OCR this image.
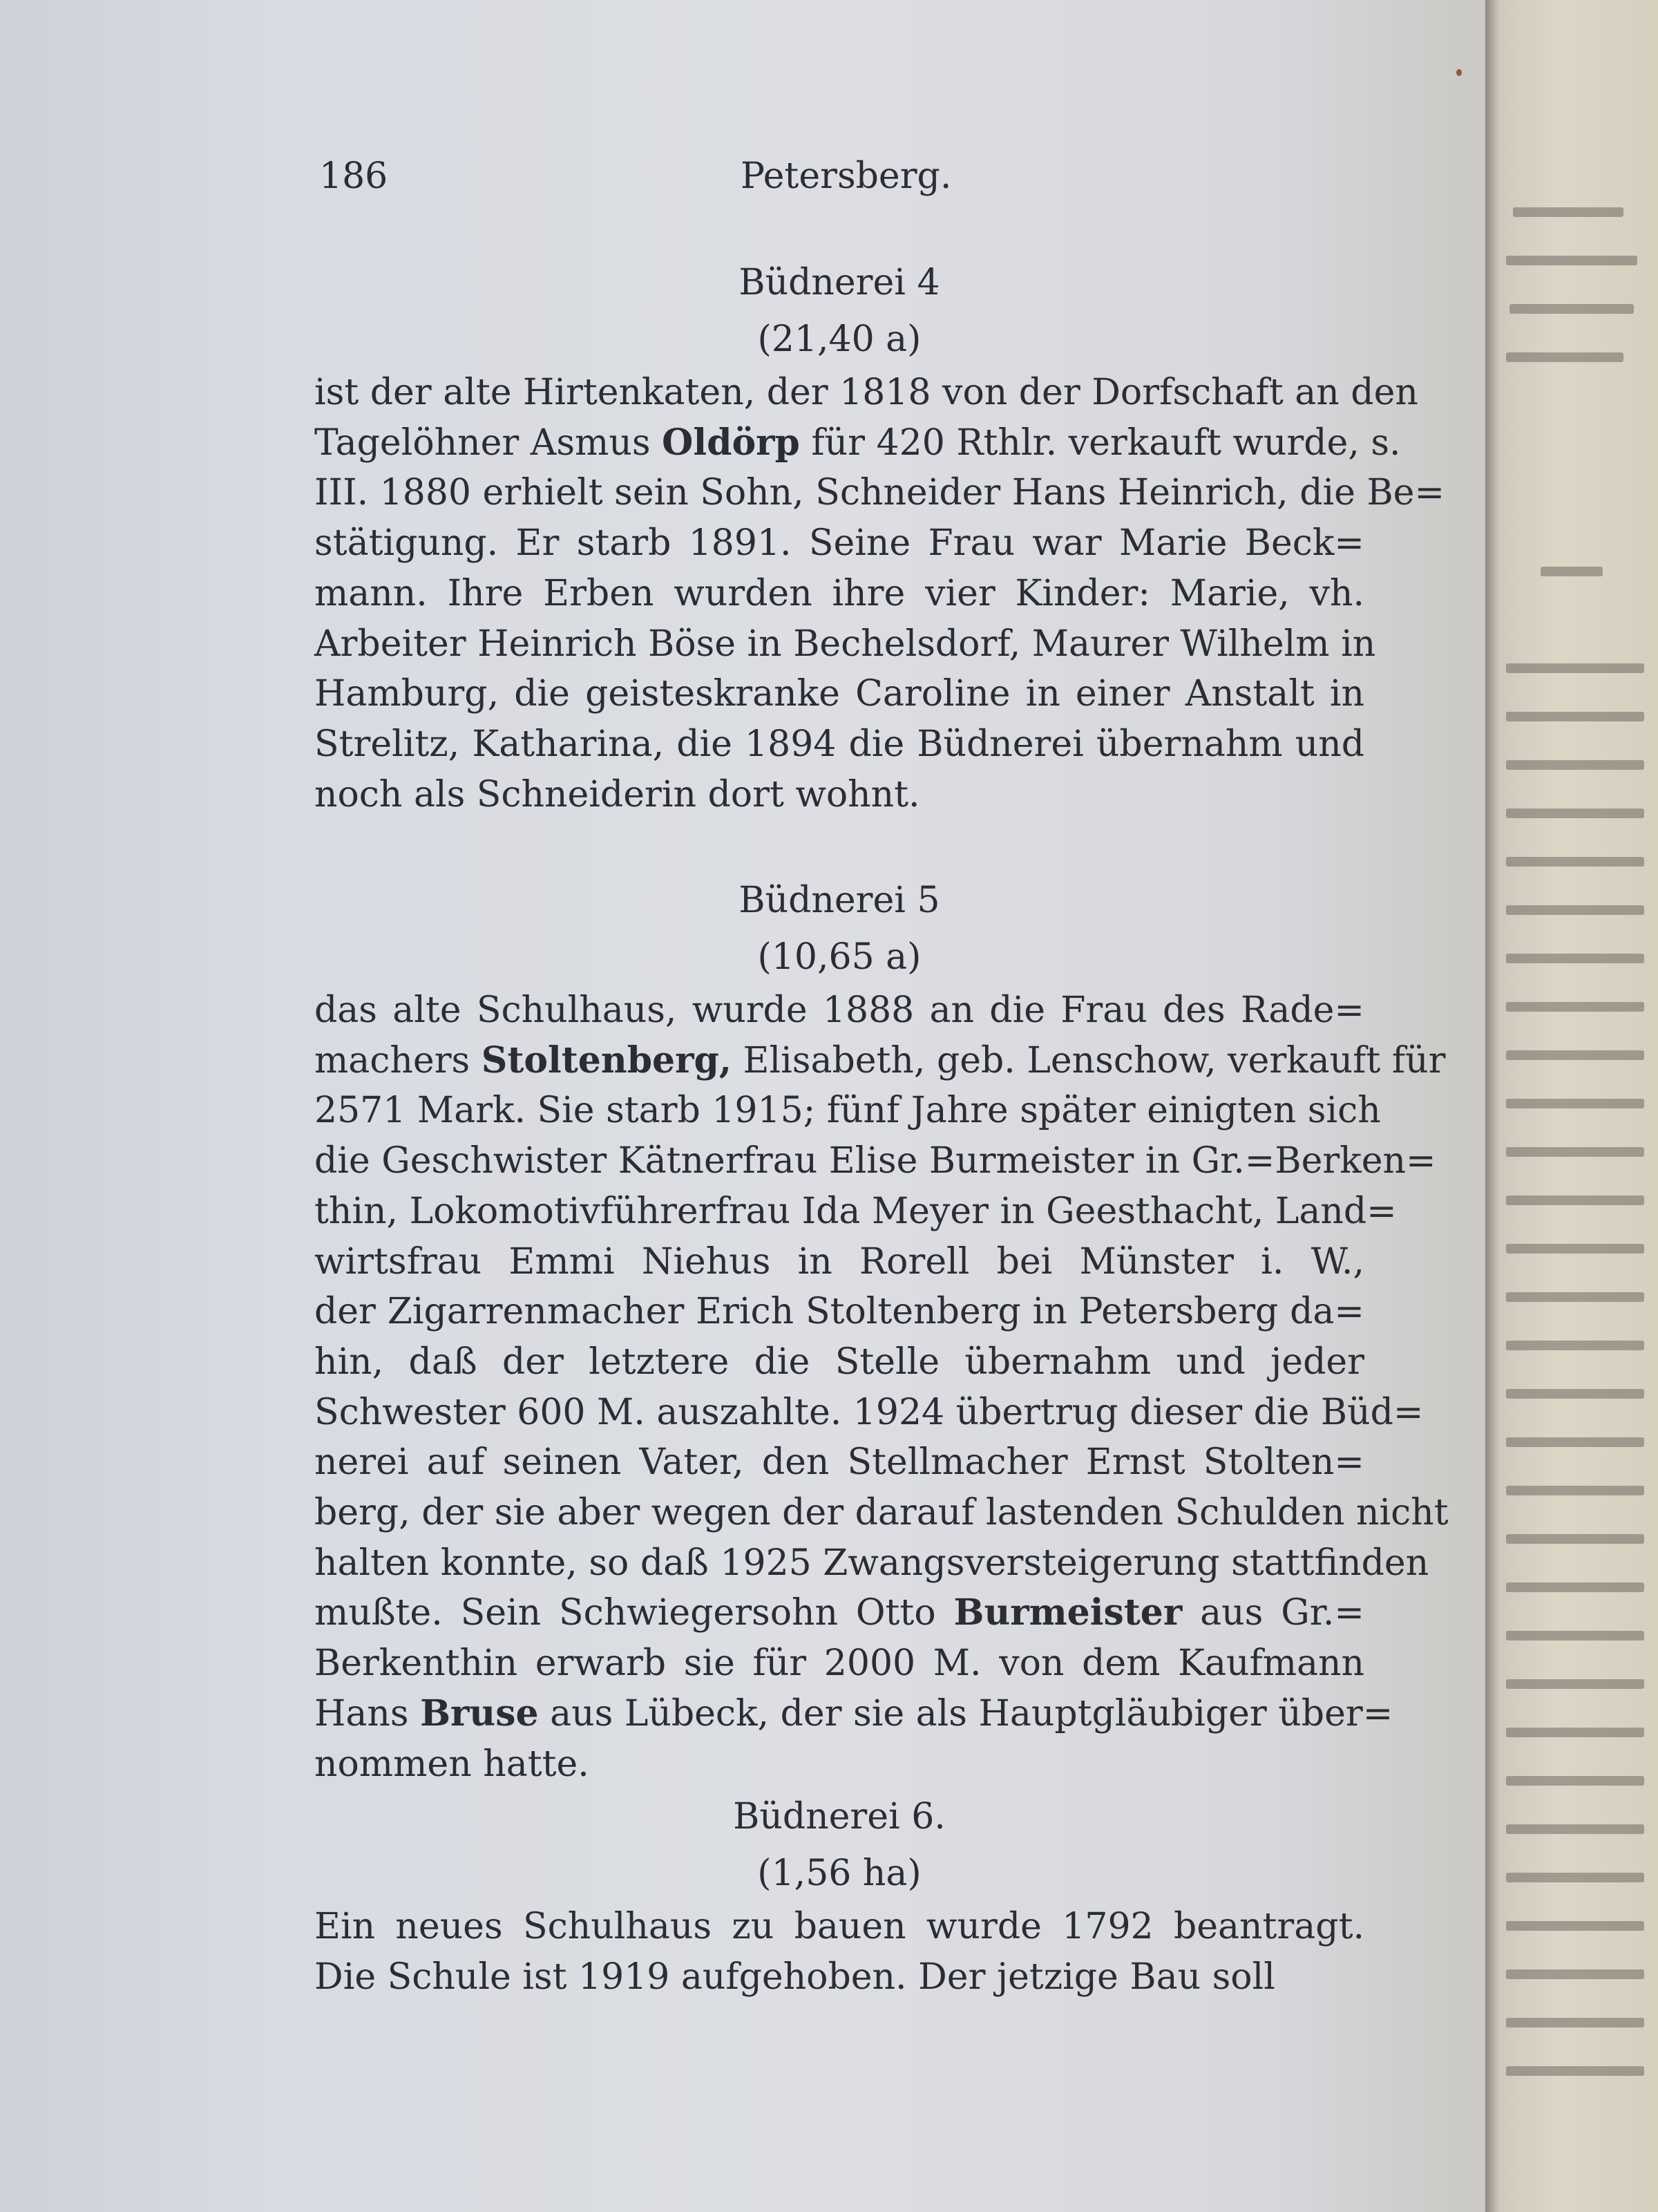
186	Petersberg.
Büdnerei 4
(21,40 a)
ist der alte Hirtenkaten, der 1818 von der Dorfschaft an den
Tagelöhner Asmus Oldörp für 420 Rthlr. verkauft wurde, s.
III. 1880 erhielt sein Sohn, Schneider Hans Heinrich, die Be=
stätigung. Er starb 1891. Seine Frau war Marie Beck=
mann. Ihre Erben wurden ihre vier Kinder: Marie, vh.
Arbeiter Heinrich Böse in Bechelsdorf, Maurer Wilhelm in
Hamburg, die geisteskranke Caroline in einer Anstalt in
Strelitz, Katharina, die 1894 die Büdnerei übernahm und
noch als Schneiderin dort wohnt.
Büdnerei 5
(10,65 a)
das alte Schulhaus, wurde 1888 an die Frau des Rade=
machers Stoltenberg, Elisabeth, geb. Lenschow, verkauft für
2571 Mark. Sie starb 1915; fünf Jahre später einigten sich
die Geschwister Kätnerfrau Elise Burmeister in Gr.=Berken=
thin, Lokomotivführerfrau Ida Meyer in Geesthacht, Land=
wirtsfrau Emmi Niehus in Rorell bei Münster i. W.,
der Zigarrenmacher Erich Stoltenberg in Petersberg da=
hin, daß der letztere die Stelle übernahm und jeder
Schwester 600 M. auszahlte. 1924 übertrug dieser die Büd=
nerei auf seinen Vater, den Stellmacher Ernst Stolten=
berg, der sie aber wegen der darauf lastenden Schulden nicht
halten konnte, so daß 1925 Zwangsversteigerung stattfinden
mußte. Sein Schwiegersohn Otto Burmeister aus Gr.=
Berkenthin erwarb sie für 2000 M. von dem Kaufmann
Hans Bruse aus Lübeck, der sie als Hauptgläubiger über=
nommen hatte.
Büdnerei 6.
(1,56 ha)
Ein neues Schulhaus zu bauen wurde 1792 beantragt.
Die Schule ist 1919 aufgehoben. Der jetzige Bau soll
